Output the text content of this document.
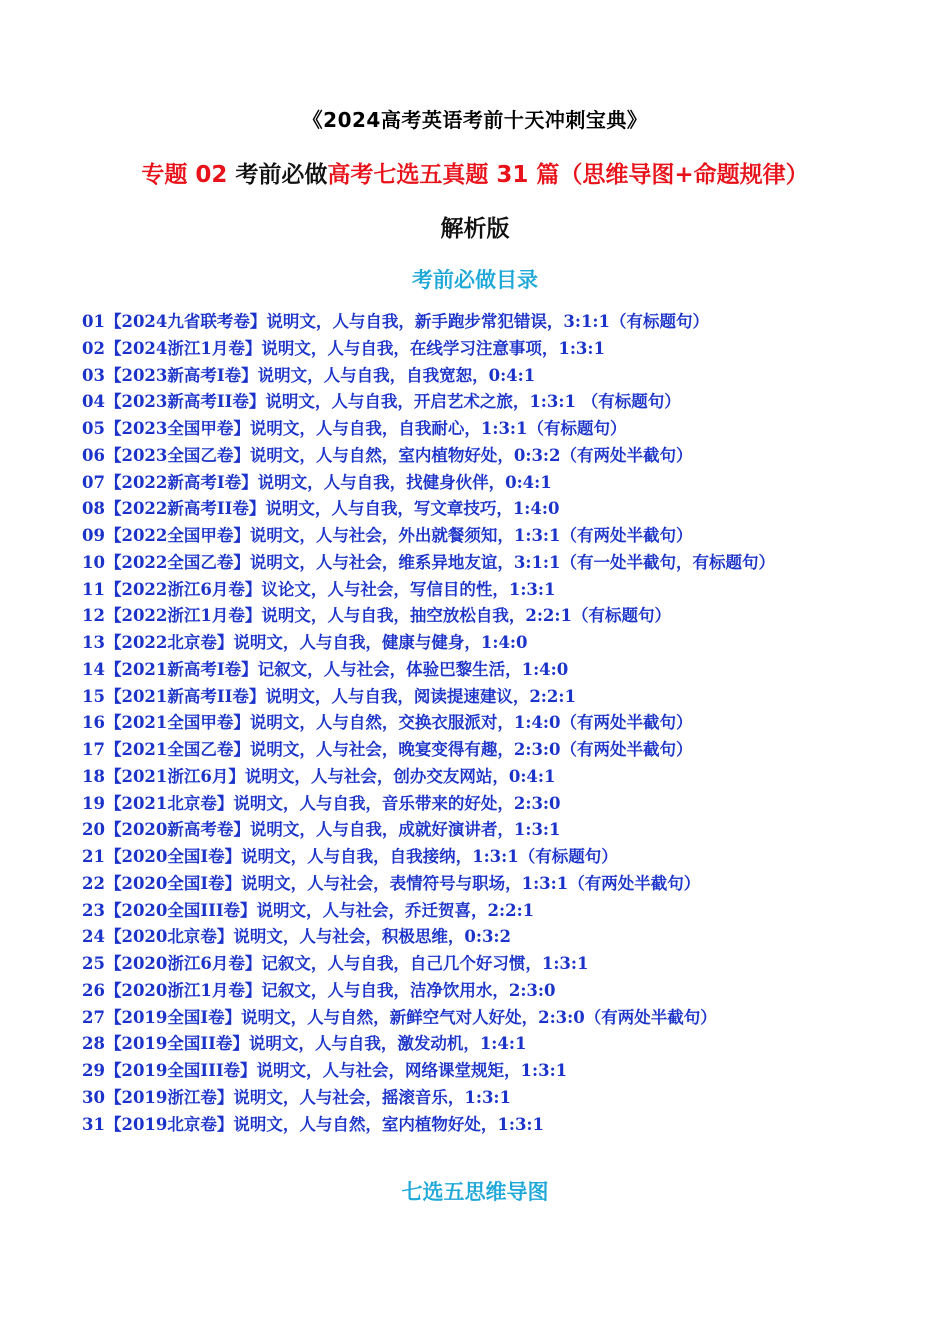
《2024高考英语考前十天冲刺宝典》
专题 02 考前必做高考七选五真题 31 篇（思维导图+命题规律）
解析版
考前必做目录
01【2024九省联考卷】说明文，人与自我，新手跑步常犯错误，3:1:1（有标题句）
02【2024浙江1月卷】说明文，人与自我，在线学习注意事项，1:3:1
03【2023新高考I卷】说明文，人与自我，自我宽恕，0:4:1
04【2023新高考II卷】说明文，人与自我，开启艺术之旅，1:3:1 （有标题句）
05【2023全国甲卷】说明文，人与自我，自我耐心，1:3:1（有标题句）
06【2023全国乙卷】说明文，人与自然，室内植物好处，0:3:2（有两处半截句）
07【2022新高考I卷】说明文，人与自我，找健身伙伴，0:4:1
08【2022新高考II卷】说明文，人与自我，写文章技巧，1:4:0
09【2022全国甲卷】说明文，人与社会，外出就餐须知，1:3:1（有两处半截句）
10【2022全国乙卷】说明文，人与社会，维系异地友谊，3:1:1（有一处半截句，有标题句）
11【2022浙江6月卷】议论文，人与社会，写信目的性，1:3:1
12【2022浙江1月卷】说明文，人与自我，抽空放松自我，2:2:1（有标题句）
13【2022北京卷】说明文，人与自我，健康与健身，1:4:0
14【2021新高考I卷】记叙文，人与社会，体验巴黎生活，1:4:0
15【2021新高考II卷】说明文，人与自我，阅读提速建议，2:2:1
16【2021全国甲卷】说明文，人与自然，交换衣服派对，1:4:0（有两处半截句）
17【2021全国乙卷】说明文，人与社会，晚宴变得有趣，2:3:0（有两处半截句）
18【2021浙江6月】说明文，人与社会，创办交友网站，0:4:1
19【2021北京卷】说明文，人与自我，音乐带来的好处，2:3:0
20【2020新高考卷】说明文，人与自我，成就好演讲者，1:3:1
21【2020全国I卷】说明文，人与自我，自我接纳，1:3:1（有标题句）
22【2020全国I卷】说明文，人与社会，表情符号与职场，1:3:1（有两处半截句）
23【2020全国III卷】说明文，人与社会，乔迁贺喜，2:2:1
24【2020北京卷】说明文，人与社会，积极思维，0:3:2
25【2020浙江6月卷】记叙文，人与自我，自己几个好习惯，1:3:1
26【2020浙江1月卷】记叙文，人与自我，洁净饮用水，2:3:0
27【2019全国I卷】说明文，人与自然，新鲜空气对人好处，2:3:0（有两处半截句）
28【2019全国II卷】说明文，人与自我，激发动机，1:4:1
29【2019全国III卷】说明文，人与社会，网络课堂规矩，1:3:1
30【2019浙江卷】说明文，人与社会，摇滚音乐，1:3:1
31【2019北京卷】说明文，人与自然，室内植物好处，1:3:1
七选五思维导图
